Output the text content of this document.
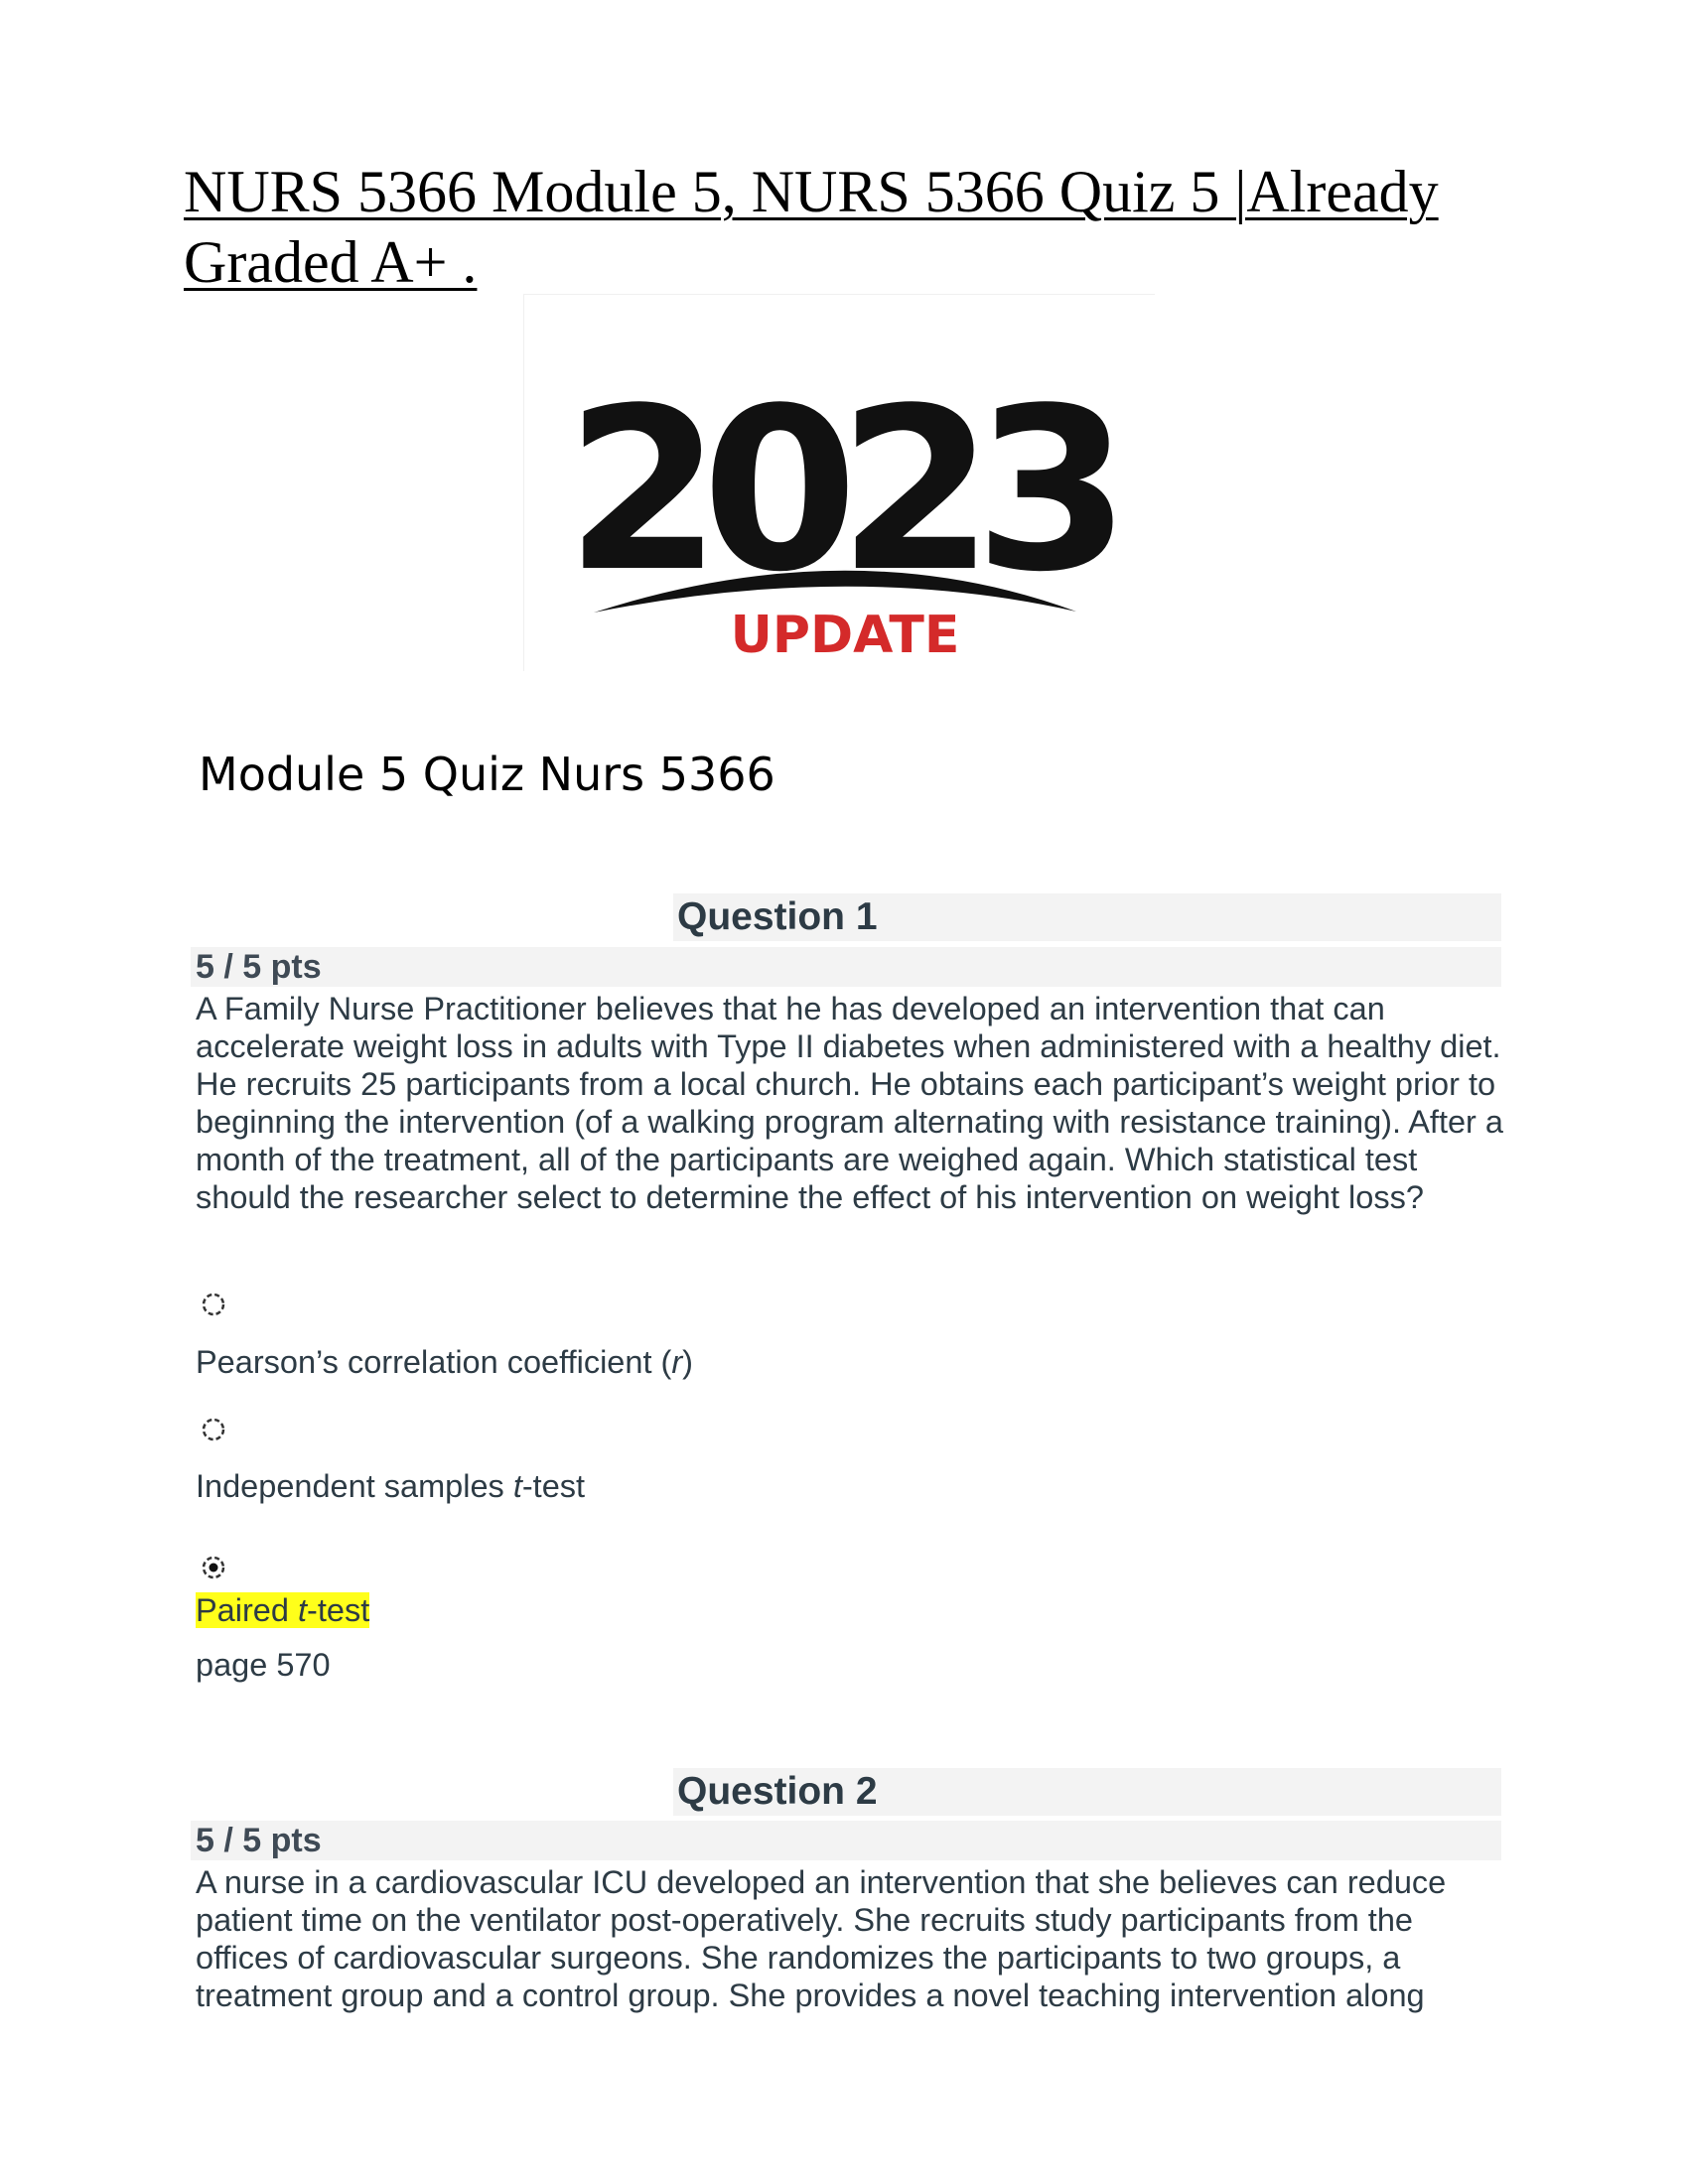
NURS 5366 Module 5, NURS 5366 Quiz 5 |Already Graded A+ .
2023
UPDATE
Module 5 Quiz Nurs 5366
Question 1
5 / 5 pts

A Family Nurse Practitioner believes that he has developed an intervention that can accelerate weight loss in adults with Type II diabetes when administered with a healthy diet. He recruits 25 participants from a local church. He obtains each participant’s weight prior to beginning the intervention (of a walking program alternating with resistance training). After a month of the treatment, all of the participants are weighed again. Which statistical test should the researcher select to determine the effect of his intervention on weight loss?

Pearson’s correlation coefficient (r)
Independent samples t-test
Paired t-test
page 570
Question 2
5 / 5 pts

A nurse in a cardiovascular ICU developed an intervention that she believes can reduce patient time on the ventilator post-operatively. She recruits study participants from the offices of cardiovascular surgeons. She randomizes the participants to two groups, a treatment group and a control group. She provides a novel teaching intervention along
